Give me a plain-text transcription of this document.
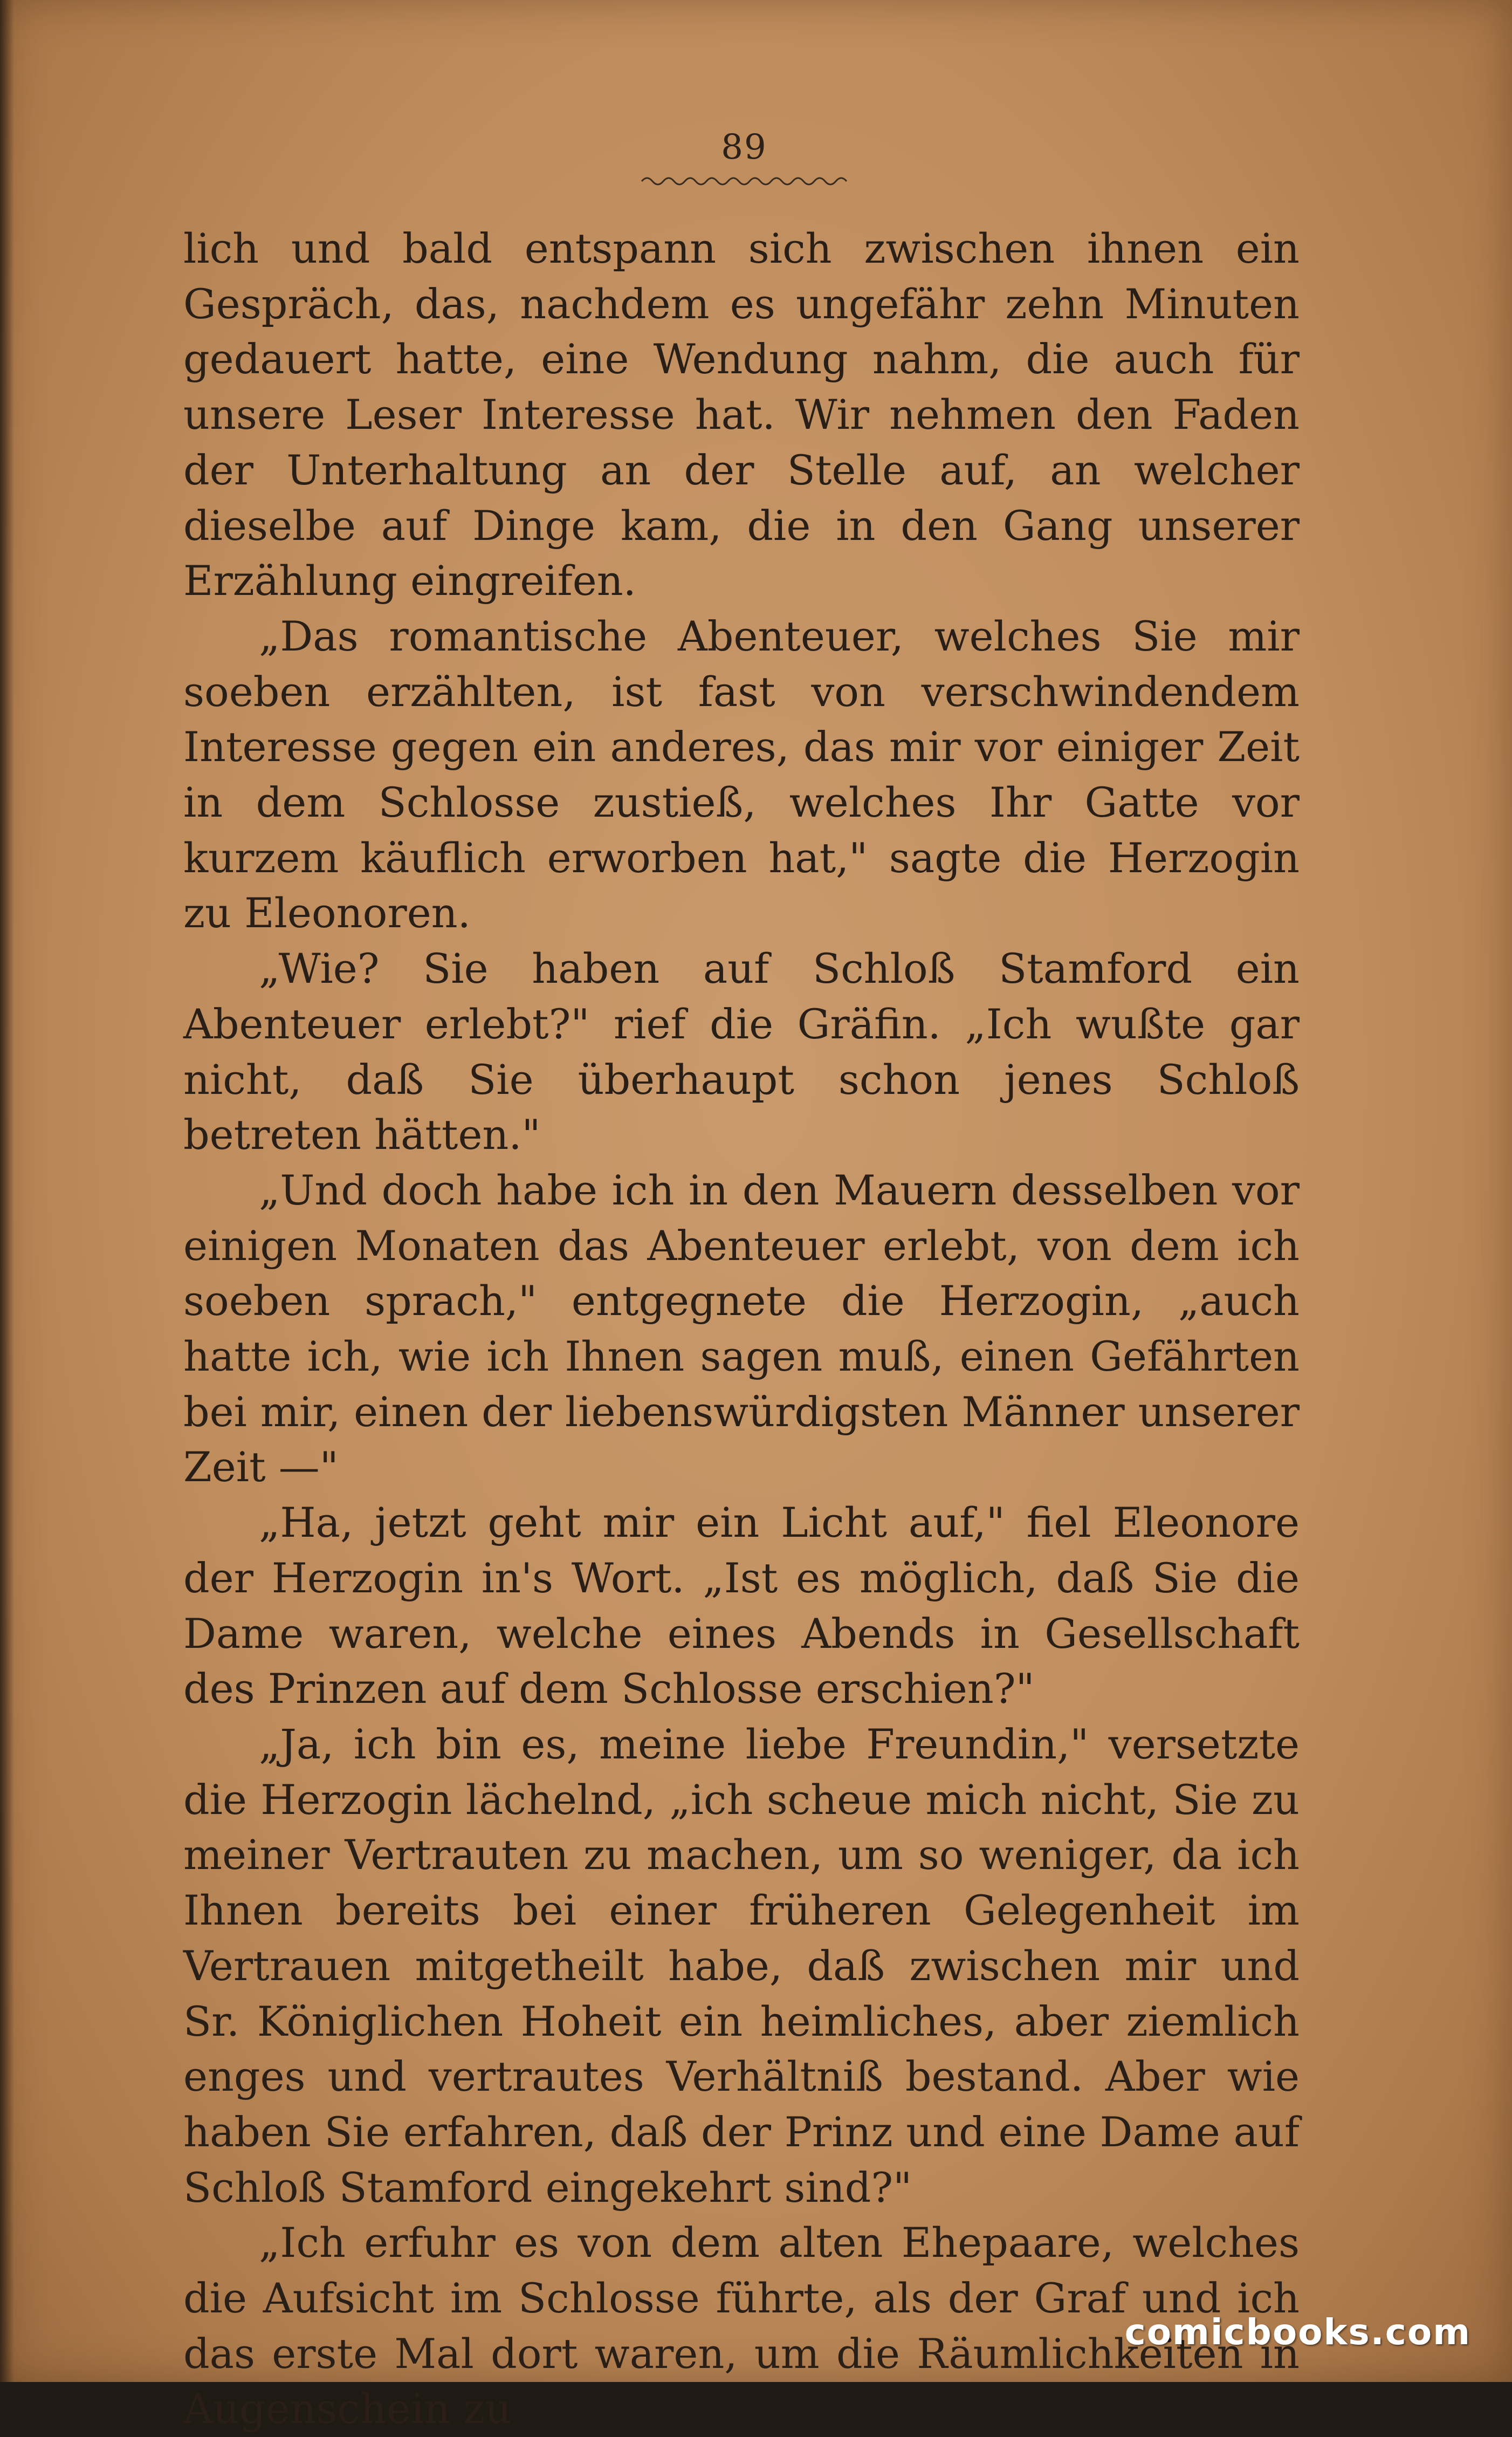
89

lich und bald entspann sich zwischen ihnen ein Gespräch, das, nachdem es ungefähr zehn Minuten gedauert hatte, eine Wendung nahm, die auch für unsere Leser Interesse hat. Wir nehmen den Faden der Unterhaltung an der Stelle auf, an welcher dieselbe auf Dinge kam, die in den Gang unserer Erzählung eingreifen.

„Das romantische Abenteuer, welches Sie mir soeben erzählten, ist fast von verschwindendem Interesse gegen ein anderes, das mir vor einiger Zeit in dem Schlosse zustieß, welches Ihr Gatte vor kurzem käuflich erworben hat," sagte die Herzogin zu Eleonoren.

„Wie? Sie haben auf Schloß Stamford ein Abenteuer erlebt?" rief die Gräfin. „Ich wußte gar nicht, daß Sie überhaupt schon jenes Schloß betreten hätten."

„Und doch habe ich in den Mauern desselben vor einigen Monaten das Abenteuer erlebt, von dem ich soeben sprach," entgegnete die Herzogin, „auch hatte ich, wie ich Ihnen sagen muß, einen Gefährten bei mir, einen der liebenswürdigsten Männer unserer Zeit —"

„Ha, jetzt geht mir ein Licht auf," fiel Eleonore der Herzogin in's Wort. „Ist es möglich, daß Sie die Dame waren, welche eines Abends in Gesellschaft des Prinzen auf dem Schlosse erschien?"

„Ja, ich bin es, meine liebe Freundin," versetzte die Herzogin lächelnd, „ich scheue mich nicht, Sie zu meiner Vertrauten zu machen, um so weniger, da ich Ihnen bereits bei einer früheren Gelegenheit im Vertrauen mitgetheilt habe, daß zwischen mir und Sr. Königlichen Hoheit ein heimliches, aber ziemlich enges und vertrautes Verhältniß bestand. Aber wie haben Sie erfahren, daß der Prinz und eine Dame auf Schloß Stamford eingekehrt sind?"

„Ich erfuhr es von dem alten Ehepaare, welches die Aufsicht im Schlosse führte, als der Graf und ich das erste Mal dort waren, um die Räumlichkeiten in Augenschein zu

comicbooks.com
